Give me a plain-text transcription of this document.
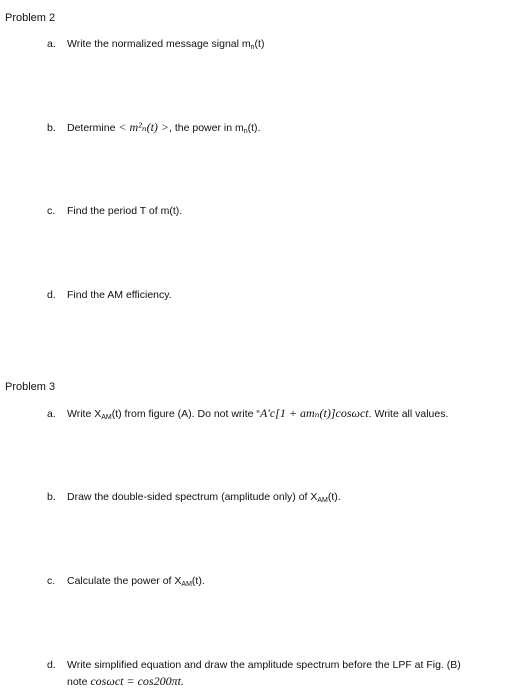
Problem 2
a. Write the normalized message signal $m_n(t)$
b. Determine < m²ₙ(t) >, the power in $m_n(t)$.
c. Find the period T of m(t).
d. Find the AM efficiency.
Problem 3
a. Write $X_{AM}(t)$ from figure (A). Do not write “A′c[1 + amₙ(t)]cosωct. Write all values.
b. Draw the double-sided spectrum (amplitude only) of $X_{AM}(t)$.
c. Calculate the power of $X_{AM}(t)$.
d. Write simplified equation and draw the amplitude spectrum before the LPF at Fig. (B)
note cosωct = cos200πt.
